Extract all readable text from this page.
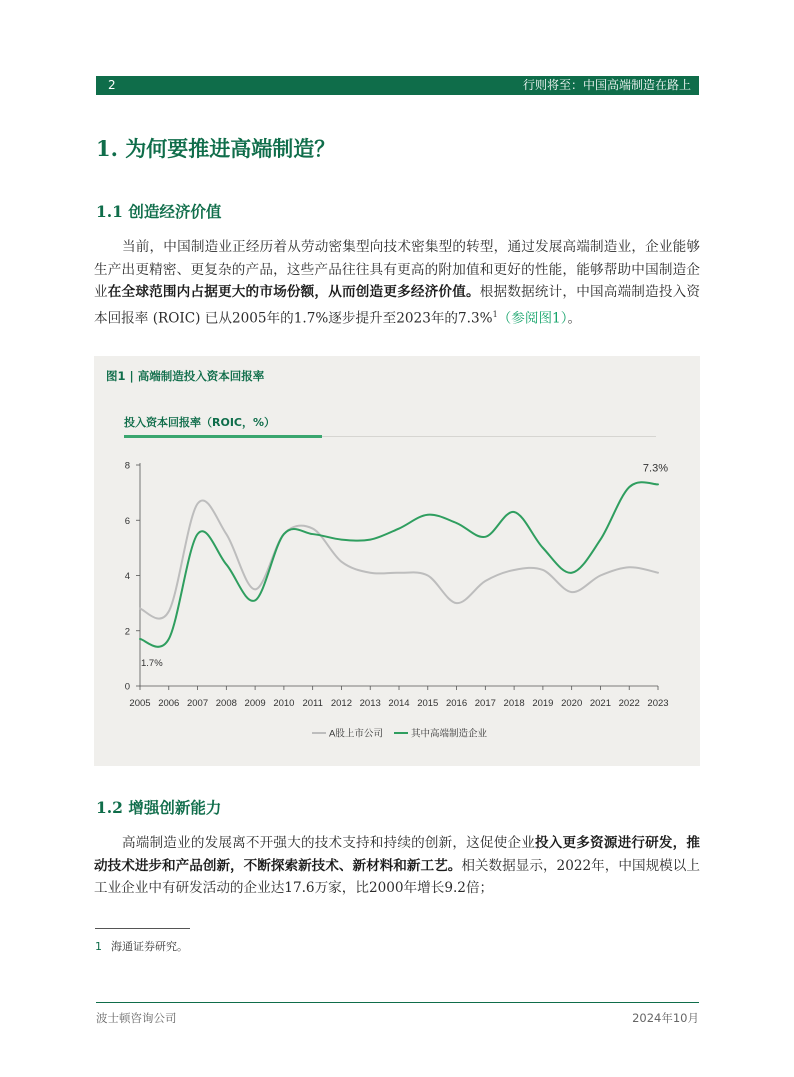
2	行则将至：中国高端制造在路上
1. 为何要推进高端制造？
1.1 创造经济价值

当前，中国制造业正经历着从劳动密集型向技术密集型的转型，通过发展高端制造业，企业能够生产出更精密、更复杂的产品，这些产品往往具有更高的附加值和更好的性能，能够帮助中国制造企业在全球范围内占据更大的市场份额，从而创造更多经济价值。根据数据统计，中国高端制造投入资本回报率 (ROIC) 已从2005年的1.7%逐步提升至2023年的7.3%$^1$（参阅图1）。

图1 | 高端制造投入资本回报率
投入资本回报率（ROIC，%）
0
2
4
6
8
2005 2006 2007 2008 2009 2010 2011 2012 2013 2014 2015 2016 2017 2018 2019 2020 2021 2022 2023
1.7%
7.3%
A股上市公司	其中高端制造企业
1.2 增强创新能力

高端制造业的发展离不开强大的技术支持和持续的创新，这促使企业投入更多资源进行研发，推动技术进步和产品创新，不断探索新技术、新材料和新工艺。相关数据显示，2022年，中国规模以上工业企业中有研发活动的企业达17.6万家，比2000年增长9.2倍；

1 海通证券研究。
波士顿咨询公司	2024年10月
